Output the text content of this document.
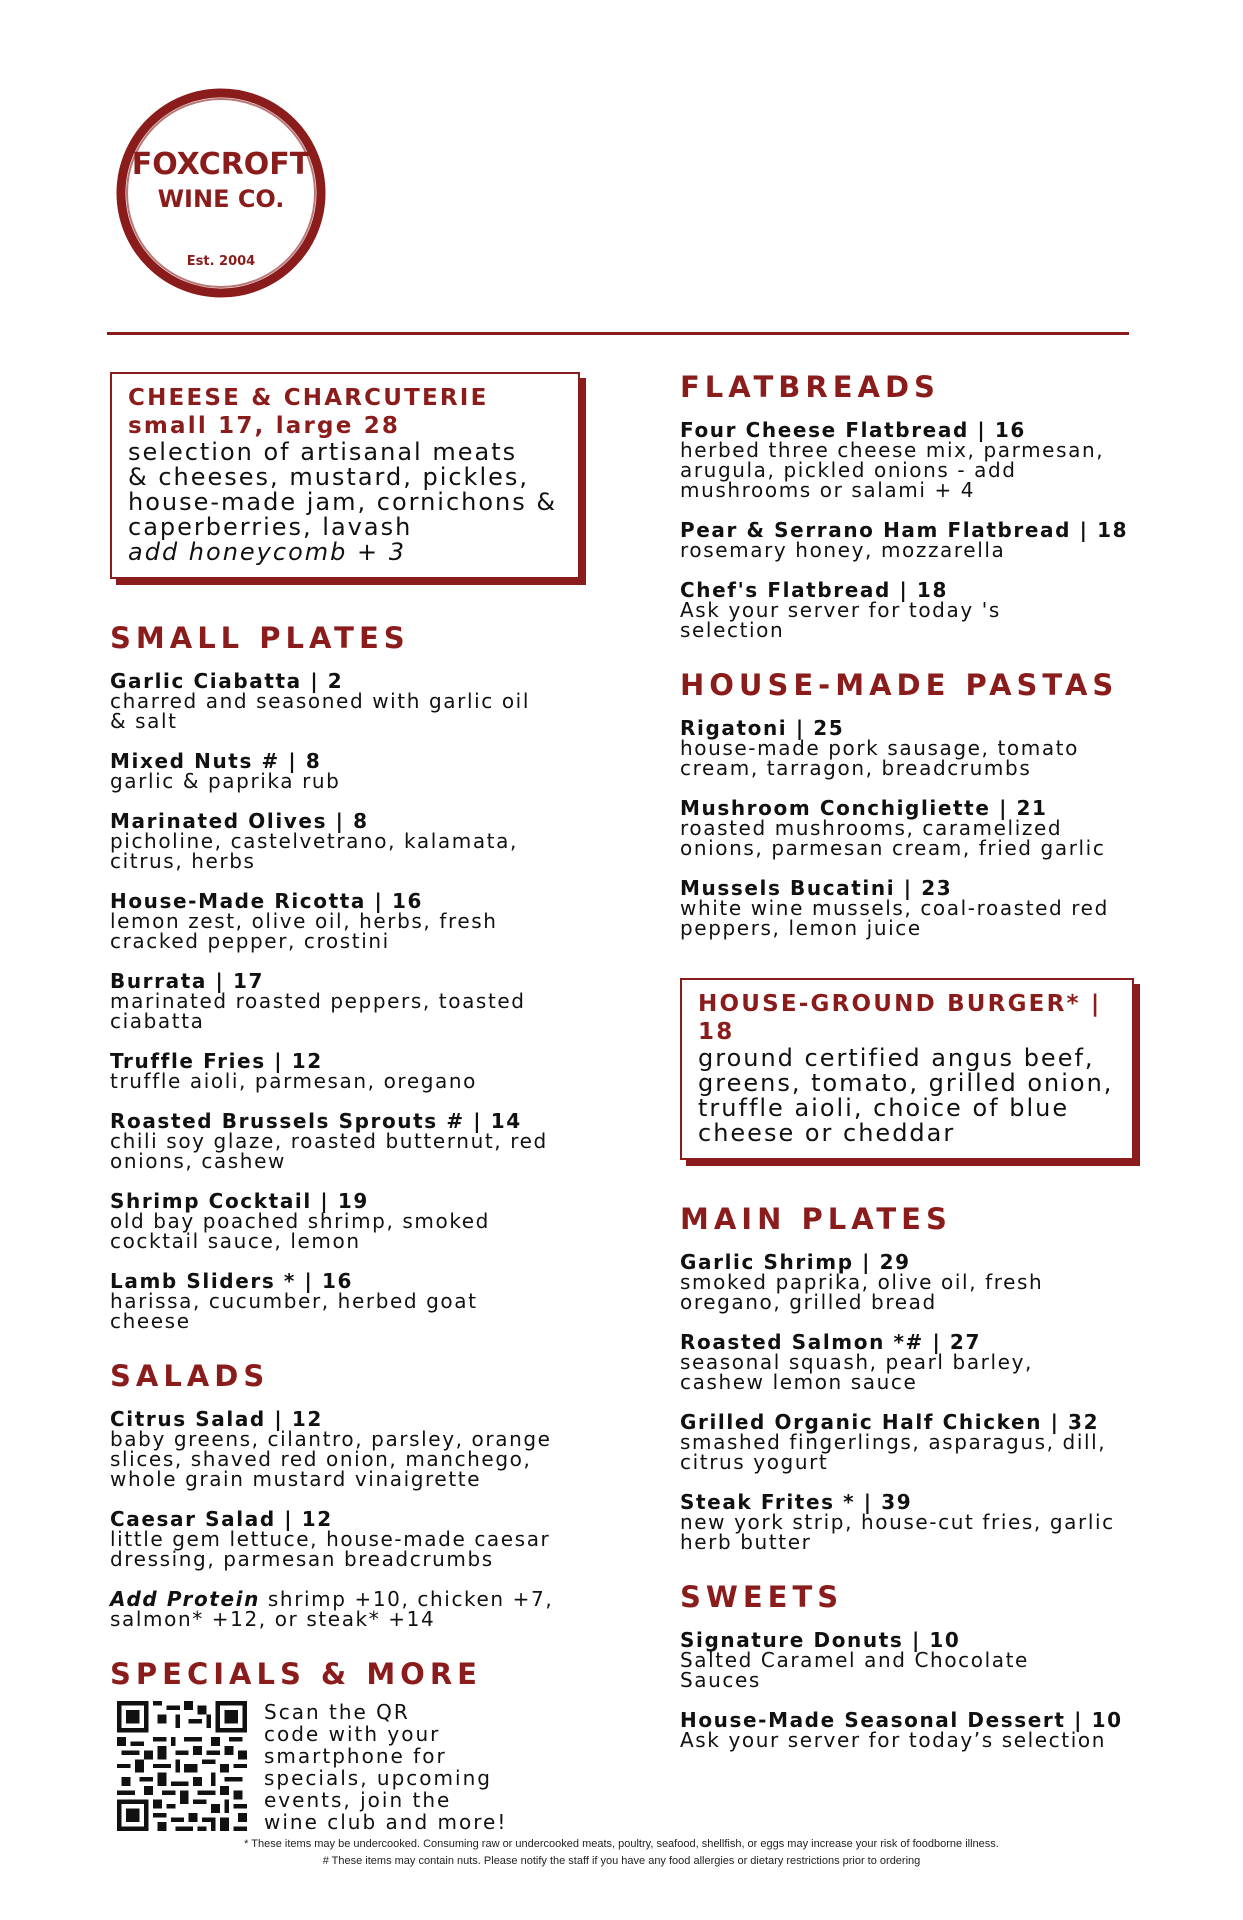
FOXCROFT
WINE CO.
Est. 2004
CHEESE & CHARCUTERIE
small 17, large 28
selection of artisanal meats
& cheeses, mustard, pickles,
house-made jam, cornichons &
caperberries, lavash
add honeycomb + 3
SMALL PLATES
Garlic Ciabatta | 2
charred and seasoned with garlic oil
& salt
Mixed Nuts # | 8
garlic & paprika rub
Marinated Olives | 8
picholine, castelvetrano, kalamata,
citrus, herbs
House-Made Ricotta | 16
lemon zest, olive oil, herbs, fresh
cracked pepper, crostini
Burrata | 17
marinated roasted peppers, toasted
ciabatta
Truffle Fries | 12
truffle aioli, parmesan, oregano
Roasted Brussels Sprouts # | 14
chili soy glaze, roasted butternut, red
onions, cashew
Shrimp Cocktail | 19
old bay poached shrimp, smoked
cocktail sauce, lemon
Lamb Sliders * | 16
harissa, cucumber, herbed goat
cheese
SALADS
Citrus Salad | 12
baby greens, cilantro, parsley, orange
slices, shaved red onion, manchego,
whole grain mustard vinaigrette
Caesar Salad | 12
little gem lettuce, house-made caesar
dressing, parmesan breadcrumbs
Add Protein shrimp +10, chicken +7,
salmon* +12, or steak* +14
SPECIALS & MORE
Scan the QR
code with your
smartphone for
specials, upcoming
events, join the
wine club and more!
FLATBREADS
Four Cheese Flatbread | 16
herbed three cheese mix, parmesan,
arugula, pickled onions - add
mushrooms or salami + 4
Pear & Serrano Ham Flatbread | 18
rosemary honey, mozzarella
Chef's Flatbread | 18
Ask your server for today 's
selection
HOUSE-MADE PASTAS
Rigatoni | 25
house-made pork sausage, tomato
cream, tarragon, breadcrumbs
Mushroom Conchigliette | 21
roasted mushrooms, caramelized
onions, parmesan cream, fried garlic
Mussels Bucatini | 23
white wine mussels, coal-roasted red
peppers, lemon juice
HOUSE-GROUND BURGER* | 18
ground certified angus beef,
greens, tomato, grilled onion,
truffle aioli, choice of blue
cheese or cheddar
MAIN PLATES
Garlic Shrimp | 29
smoked paprika, olive oil, fresh
oregano, grilled bread
Roasted Salmon *# | 27
seasonal squash, pearl barley,
cashew lemon sauce
Grilled Organic Half Chicken | 32
smashed fingerlings, asparagus, dill,
citrus yogurt
Steak Frites * | 39
new york strip, house-cut fries, garlic
herb butter
SWEETS
Signature Donuts | 10
Salted Caramel and Chocolate
Sauces
House-Made Seasonal Dessert | 10
Ask your server for today’s selection
* These items may be undercooked. Consuming raw or undercooked meats, poultry, seafood, shellfish, or eggs may increase your risk of foodborne illness.
# These items may contain nuts. Please notify the staff if you have any food allergies or dietary restrictions prior to ordering
